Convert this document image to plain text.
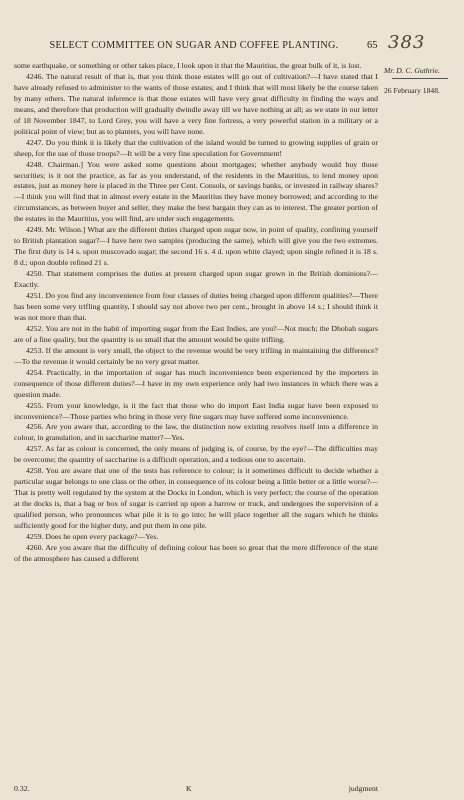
SELECT COMMITTEE ON SUGAR AND COFFEE PLANTING.	65 383
Mr. D. C. Guthrie.
26 February 1848.

some earthquake, or something or other takes place, I look upon it that the Mauritius, the great bulk of it, is lost.

4246. The natural result of that is, that you think those estates will go out of cultivation?—I have stated that I have already refused to administer to the wants of those estates; and I think that will most likely be the course taken by many others. The natural inference is that those estates will have very great difficulty in finding the ways and means, and therefore that production will gradually dwindle away till we have nothing at all; as we state in our letter of 18 November 1847, to Lord Grey, you will have a very fine fortress, a very powerful station in a military or a political point of view; but as to planters, you will have none.

4247. Do you think it is likely that the cultivation of the island would be turned to growing supplies of grain or sheep, for the use of those troops?—It will be a very fine speculation for Government!

4248. Chairman.] You were asked some questions about mortgages; whether anybody would buy those securities; is it not the practice, as far as you understand, of the residents in the Mauritius, to lend money upon estates, just as money here is placed in the Three per Cent. Consols, or savings banks, or invested in railway shares?—I think you will find that in almost every estate in the Mauritius they have money borrowed; and according to the circumstances, as between buyer and seller, they make the best bargain they can as to interest. The greater portion of the estates in the Mauritius, you will find, are under such engagements.

4249. Mr. Wilson.] What are the different duties charged upon sugar now, in point of quality, confining yourself to British plantation sugar?—I have here two samples (producing the same), which will give you the two extremes. The first duty is 14 s. upon muscovado sugar; the second 16 s. 4 d. upon white clayed; upon single refined it is 18 s. 8 d.; upon double refined 21 s.

4250. That statement comprises the duties at present charged upon sugar grown in the British dominions?—Exactly.

4251. Do you find any inconvenience from four classes of duties being charged upon different qualities?—There has been some very trifling quantity, I should say not above two per cent., brought in above 14 s.; I should think it was not more than that.

4252. You are not in the habit of importing sugar from the East Indies, are you?—Not much; the Dhobah sugars are of a fine quality, but the quantity is so small that the amount would be quite trifling.

4253. If the amount is very small, the object to the revenue would be very trifling in maintaining the difference?—To the revenue it would certainly be no very great matter.

4254. Practically, in the importation of sugar has much inconvenience been experienced by the importers in consequence of those different duties?—I have in my own experience only had two instances in which there was a question made.

4255. From your knowledge, is it the fact that those who do import East India sugar have been exposed to inconvenience?—Those parties who bring in those very fine sugars may have suffered some inconvenience.

4256. Are you aware that, according to the law, the distinction now existing resolves itself into a difference in colour, in granulation, and in saccharine matter?—Yes.

4257. As far as colour is concerned, the only means of judging is, of course, by the eye?—The difficulties may be overcome; the quantity of saccharine is a difficult operation, and a tedious one to ascertain.

4258. You are aware that one of the tests has reference to colour; is it sometimes difficult to decide whether a particular sugar belongs to one class or the other, in consequence of its colour being a little better or a little worse?—That is pretty well regulated by the system at the Docks in London, which is very perfect; the course of the operation at the docks is, that a bag or box of sugar is carried up upon a barrow or truck, and undergoes the supervision of a qualified person, who pronounces what pile it is to go into; he will place together all the sugars which he thinks sufficiently good for the higher duty, and put them in one pile.

4259. Does he open every package?—Yes.

4260. Are you aware that the difficulty of defining colour has been so great that the mere difference of the state of the atmosphere has caused a different

0.32.	K	judgment
